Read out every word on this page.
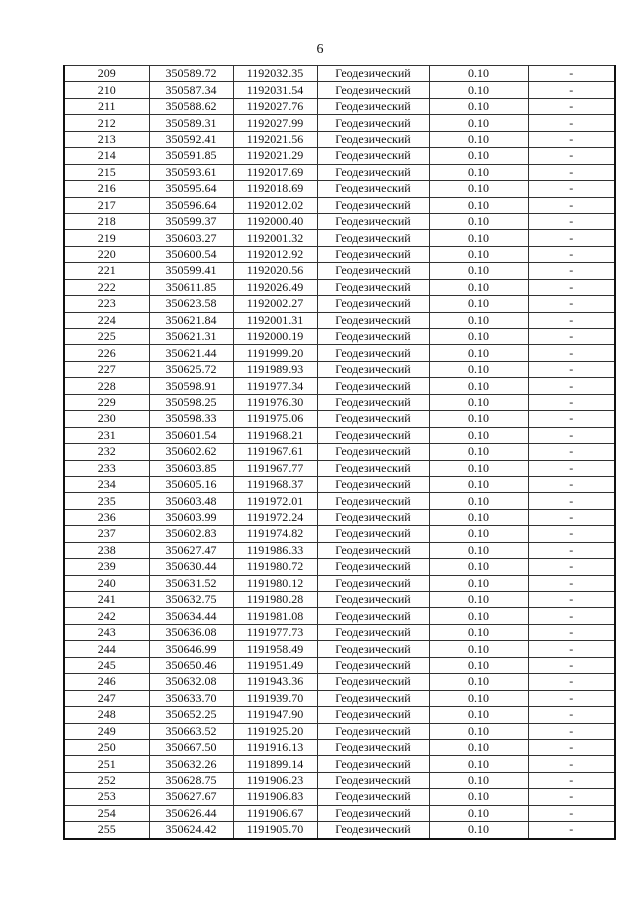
6
209	350589.72	1192032.35	Геодезический	0.10	-
210	350587.34	1192031.54	Геодезический	0.10	-
211	350588.62	1192027.76	Геодезический	0.10	-
212	350589.31	1192027.99	Геодезический	0.10	-
213	350592.41	1192021.56	Геодезический	0.10	-
214	350591.85	1192021.29	Геодезический	0.10	-
215	350593.61	1192017.69	Геодезический	0.10	-
216	350595.64	1192018.69	Геодезический	0.10	-
217	350596.64	1192012.02	Геодезический	0.10	-
218	350599.37	1192000.40	Геодезический	0.10	-
219	350603.27	1192001.32	Геодезический	0.10	-
220	350600.54	1192012.92	Геодезический	0.10	-
221	350599.41	1192020.56	Геодезический	0.10	-
222	350611.85	1192026.49	Геодезический	0.10	-
223	350623.58	1192002.27	Геодезический	0.10	-
224	350621.84	1192001.31	Геодезический	0.10	-
225	350621.31	1192000.19	Геодезический	0.10	-
226	350621.44	1191999.20	Геодезический	0.10	-
227	350625.72	1191989.93	Геодезический	0.10	-
228	350598.91	1191977.34	Геодезический	0.10	-
229	350598.25	1191976.30	Геодезический	0.10	-
230	350598.33	1191975.06	Геодезический	0.10	-
231	350601.54	1191968.21	Геодезический	0.10	-
232	350602.62	1191967.61	Геодезический	0.10	-
233	350603.85	1191967.77	Геодезический	0.10	-
234	350605.16	1191968.37	Геодезический	0.10	-
235	350603.48	1191972.01	Геодезический	0.10	-
236	350603.99	1191972.24	Геодезический	0.10	-
237	350602.83	1191974.82	Геодезический	0.10	-
238	350627.47	1191986.33	Геодезический	0.10	-
239	350630.44	1191980.72	Геодезический	0.10	-
240	350631.52	1191980.12	Геодезический	0.10	-
241	350632.75	1191980.28	Геодезический	0.10	-
242	350634.44	1191981.08	Геодезический	0.10	-
243	350636.08	1191977.73	Геодезический	0.10	-
244	350646.99	1191958.49	Геодезический	0.10	-
245	350650.46	1191951.49	Геодезический	0.10	-
246	350632.08	1191943.36	Геодезический	0.10	-
247	350633.70	1191939.70	Геодезический	0.10	-
248	350652.25	1191947.90	Геодезический	0.10	-
249	350663.52	1191925.20	Геодезический	0.10	-
250	350667.50	1191916.13	Геодезический	0.10	-
251	350632.26	1191899.14	Геодезический	0.10	-
252	350628.75	1191906.23	Геодезический	0.10	-
253	350627.67	1191906.83	Геодезический	0.10	-
254	350626.44	1191906.67	Геодезический	0.10	-
255	350624.42	1191905.70	Геодезический	0.10	-
